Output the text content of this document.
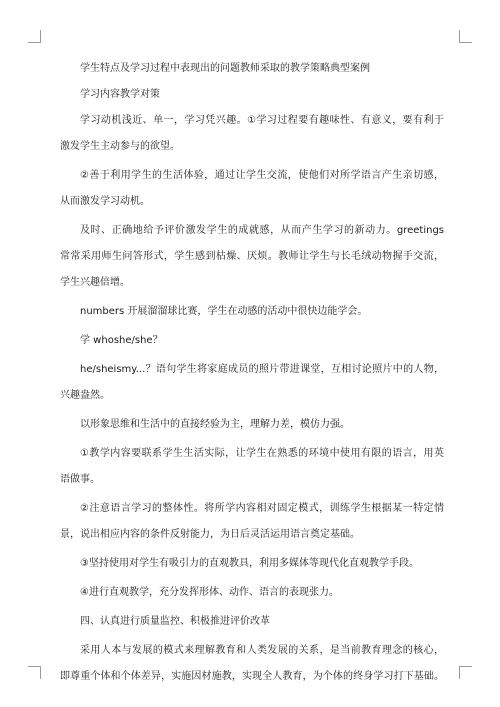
学生特点及学习过程中表现出的问题教师采取的教学策略典型案例

学习内容教学对策

学习动机浅近、单一，学习凭兴趣。①学习过程要有趣味性、有意义，要有利于

激发学生主动参与的欲望。

②善于利用学生的生活体验，通过让学生交流，使他们对所学语言产生亲切感，

从而激发学习动机。

及时、正确地给予评价激发学生的成就感，从而产生学习的新动力。greetings

常常采用师生问答形式，学生感到枯燥、厌烦。教师让学生与长毛绒动物握手交流，

学生兴趣倍增。

numbers 开展溜溜球比赛，学生在动感的活动中很快边能学会。

学 whoshe/she？

he/sheismy...？语句学生将家庭成员的照片带进课堂，互相讨论照片中的人物，

兴趣盎然。

以形象思维和生活中的直接经验为主，理解力差，模仿力强。

①教学内容要联系学生生活实际，让学生在熟悉的环境中使用有限的语言，用英

语做事。

②注意语言学习的整体性。将所学内容相对固定模式，训练学生根据某一特定情

景，说出相应内容的条件反射能力，为日后灵活运用语言奠定基础。

③坚持使用对学生有吸引力的直观教具，利用多媒体等现代化直观教学手段。

④进行直观教学，充分发挥形体、动作、语言的表现张力。

四、认真进行质量监控、积极推进评价改革

采用人本与发展的模式来理解教育和人类发展的关系，是当前教育理念的核心，

即尊重个体和个体差异，实施因材施教，实现全人教育，为个体的终身学习打下基础。
